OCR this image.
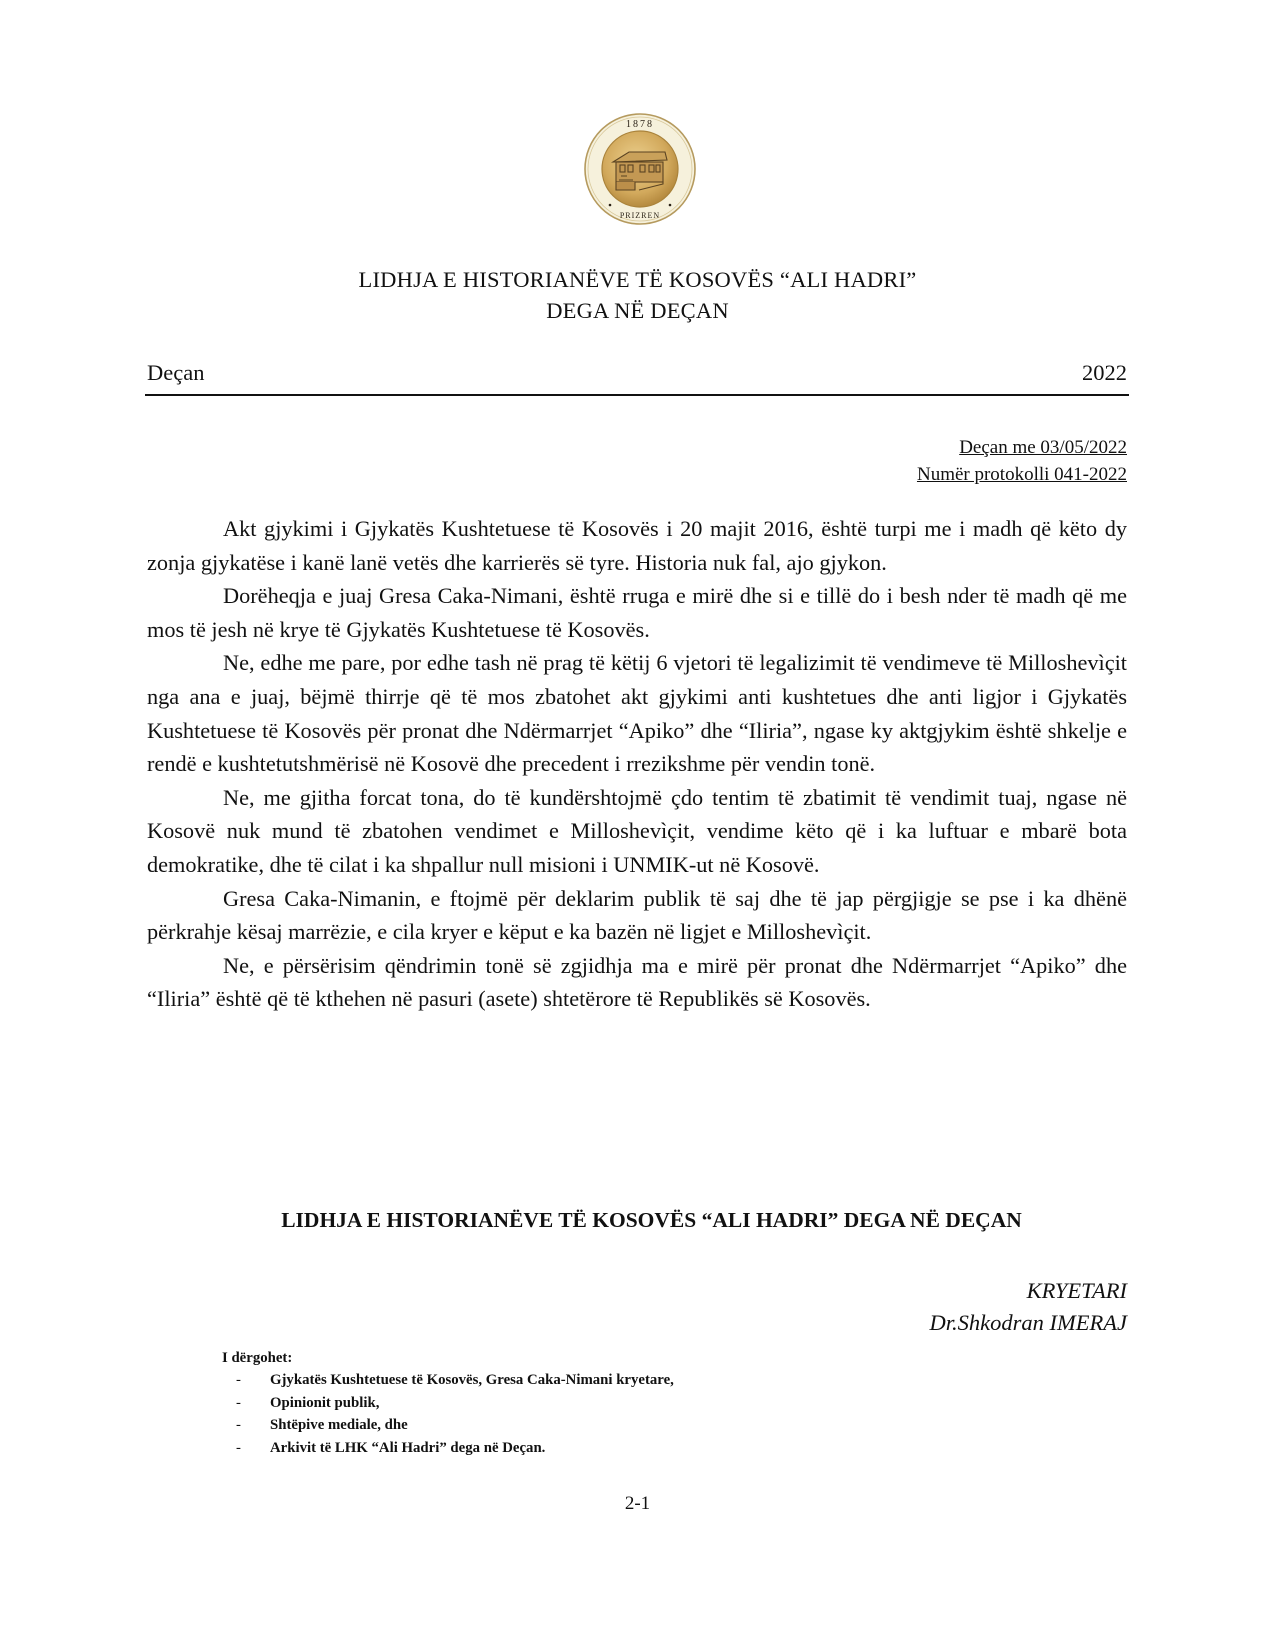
1878
PRIZREN
LIDHJA E HISTORIANËVE TË KOSOVËS “ALI HADRI”
DEGA NË DEÇAN
Deçan	2022
Deçan me 03/05/2022
Numër protokolli 041-2022

Akt gjykimi i Gjykatës Kushtetuese të Kosovës i 20 majit 2016, është turpi me i madh që këto dy zonja gjykatëse i kanë lanë vetës dhe karrierës së tyre. Historia nuk fal, ajo gjykon.

Dorëheqja e juaj Gresa Caka-Nimani, është rruga e mirë dhe si e tillë do i besh nder të madh që me mos të jesh në krye të Gjykatës Kushtetuese të Kosovës.

Ne, edhe me pare, por edhe tash në prag të këtij 6 vjetori të legalizimit të vendimeve të Milloshevìçit nga ana e juaj, bëjmë thirrje që të mos zbatohet akt gjykimi anti kushtetues dhe anti ligjor i Gjykatës Kushtetuese të Kosovës për pronat dhe Ndërmarrjet “Apiko” dhe “Iliria”, ngase ky aktgjykim është shkelje e rendë e kushtetutshmërisë në Kosovë dhe precedent i rrezikshme për vendin tonë.

Ne, me gjitha forcat tona, do të kundërshtojmë çdo tentim të zbatimit të vendimit tuaj, ngase në Kosovë nuk mund të zbatohen vendimet e Milloshevìçit, vendime këto që i ka luftuar e mbarë bota demokratike, dhe të cilat i ka shpallur null misioni i UNMIK-ut në Kosovë.

Gresa Caka-Nimanin, e ftojmë për deklarim publik të saj dhe të jap përgjigje se pse i ka dhënë përkrahje kësaj marrëzie, e cila kryer e këput e ka bazën në ligjet e Milloshevìçit.

Ne, e përsërisim qëndrimin tonë së zgjidhja ma e mirë për pronat dhe Ndërmarrjet “Apiko” dhe “Iliria” është që të kthehen në pasuri (asete) shtetërore të Republikës së Kosovës.

LIDHJA E HISTORIANËVE TË KOSOVËS “ALI HADRI” DEGA NË DEÇAN
KRYETARI
Dr.Shkodran IMERAJ
I dërgohet:
- Gjykatës Kushtetuese të Kosovës, Gresa Caka-Nimani kryetare,
- Opinionit publik,
- Shtëpive mediale, dhe
- Arkivit të LHK “Ali Hadri” dega në Deçan.
2-1
